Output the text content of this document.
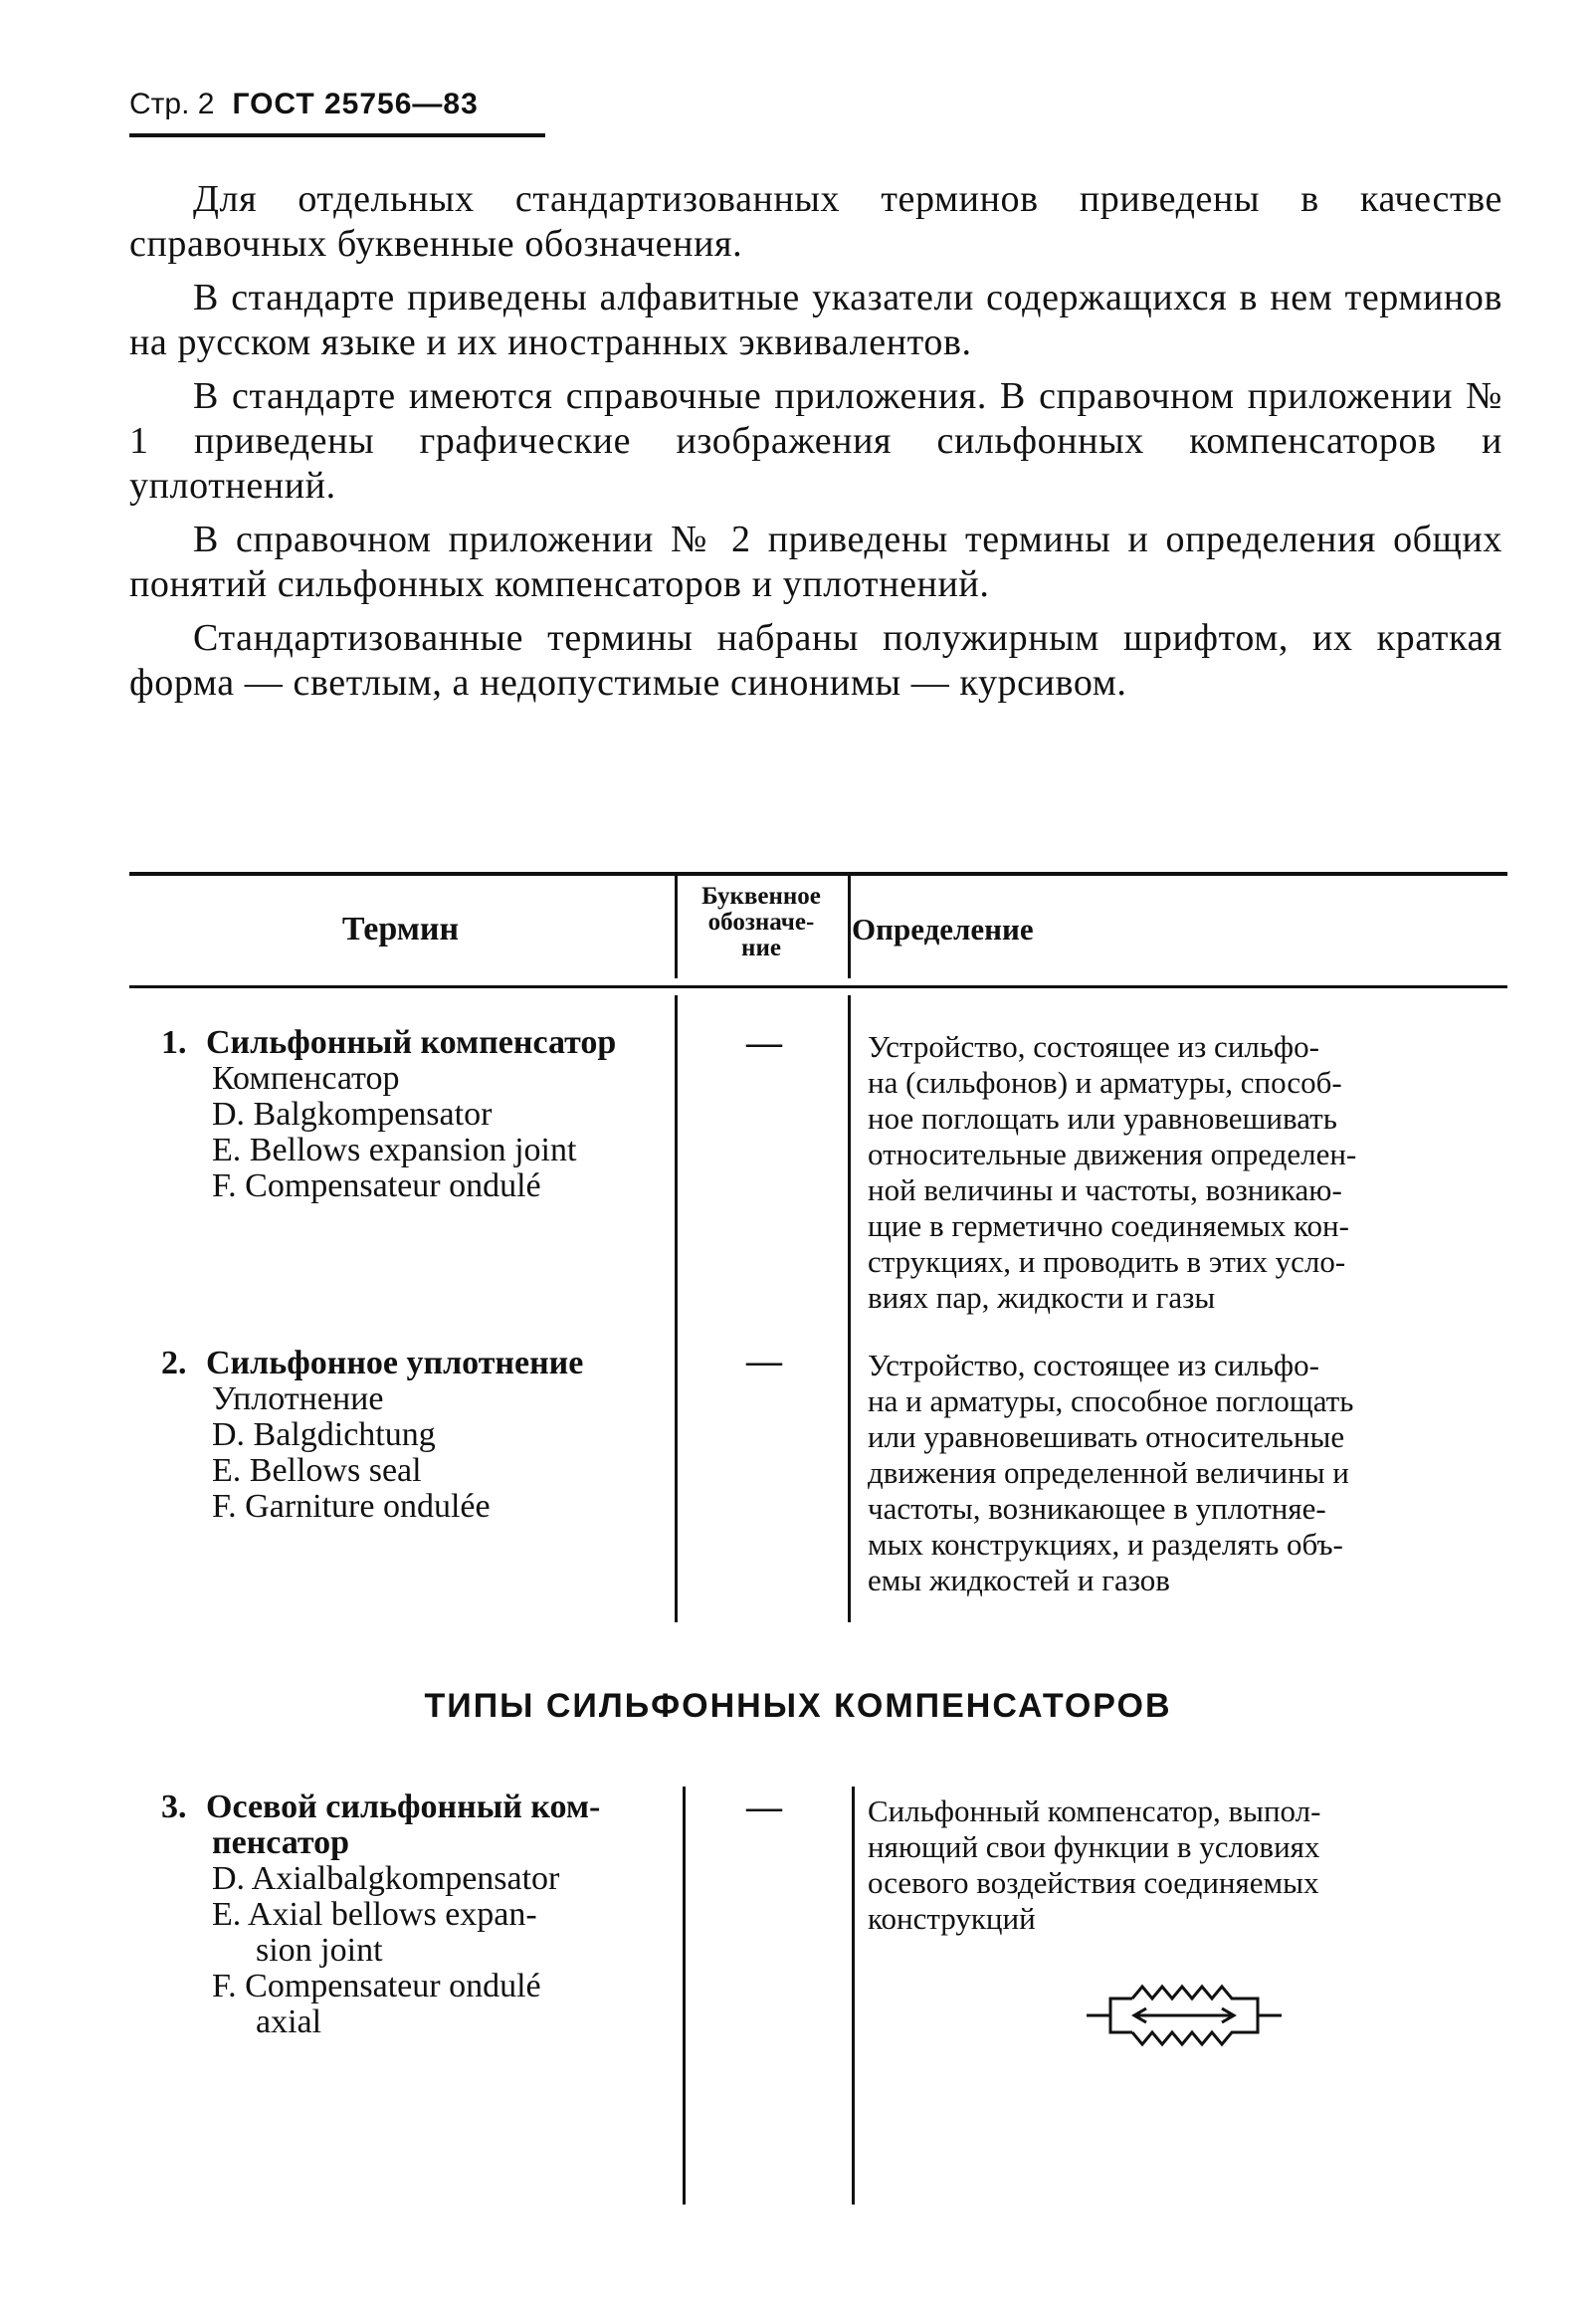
Стр. 2 ГОСТ 25756—83

Для отдельных стандартизованных терминов приведены в качестве справочных буквенные обозначения.

В стандарте приведены алфавитные указатели содержащихся в нем терминов на русском языке и их иностранных эквивалентов.

В стандарте имеются справочные приложения. В справочном приложении № 1 приведены графические изображения сильфонных компенсаторов и уплотнений.

В справочном приложении № 2 приведены термины и определения общих понятий сильфонных компенсаторов и уплотнений.

Стандартизованные термины набраны полужирным шрифтом, их краткая форма — светлым, а недопустимые синонимы — курсивом.

Термин
Буквенное
обозначе-
ние
Определение
1. Сильфонный компенсатор
Компенсатор
D. Balgkompensator
E. Bellows expansion joint
F. Compensateur ondulé
—	Устройство, состоящее из сильфо-
на (сильфонов) и арматуры, способ-
ное поглощать или уравновешивать
относительные движения определен-
ной величины и частоты, возникаю-
щие в герметично соединяемых кон-
струкциях, и проводить в этих усло-
виях пар, жидкости и газы
2. Сильфонное уплотнение
Уплотнение
D. Balgdichtung
E. Bellows seal
F. Garniture ondulée
—	Устройство, состоящее из сильфо-
на и арматуры, способное поглощать
или уравновешивать относительные
движения определенной величины и
частоты, возникающее в уплотняе-
мых конструкциях, и разделять объ-
емы жидкостей и газов
ТИПЫ СИЛЬФОННЫХ КОМПЕНСАТОРОВ
3. Осевой сильфонный ком-
пенсатор
D. Axialbalgkompensator
E. Axial bellows expan-
sion joint
F. Compensateur ondulé
axial
—	Сильфонный компенсатор, выпол-
няющий свои функции в условиях
осевого воздействия соединяемых
конструкций
